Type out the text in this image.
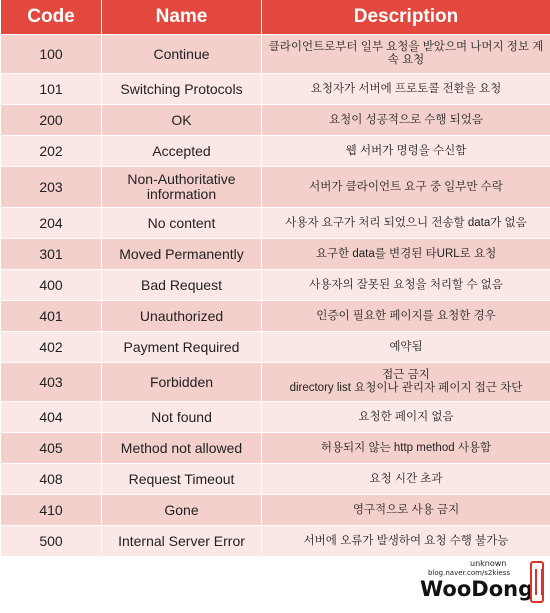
Code	Name	Description
100	Continue	클라이언트로부터 일부 요청을 받았으며 나머지 정보 계속 요청
101	Switching Protocols	요청자가 서버에 프로토콜 전환을 요청
200	OK	요청이 성공적으로 수행 되었음
202	Accepted	웹 서버가 명령을 수신함
203	Non-Authoritative information	서버가 클라이언트 요구 중 일부만 수락
204	No content	사용자 요구가 처리 되었으니 전송할 data가 없음
301	Moved Permanently	요구한 data를 변경된 타URL로 요청
400	Bad Request	사용자의 잘못된 요청을 처리할 수 없음
401	Unauthorized	인증이 필요한 페이지를 요청한 경우
402	Payment Required	예약됨
403	Forbidden	접근 금지
directory list 요청이나 관리자 페이지 접근 차단
404	Not found	요청한 페이지 없음
405	Method not allowed	허용되지 않는 http method 사용함
408	Request Timeout	요청 시간 초과
410	Gone	영구적으로 사용 금지
500	Internal Server Error	서버에 오류가 발생하여 요청 수행 불가능
unknown
blog.naver.com/s2kiess
WooDong
